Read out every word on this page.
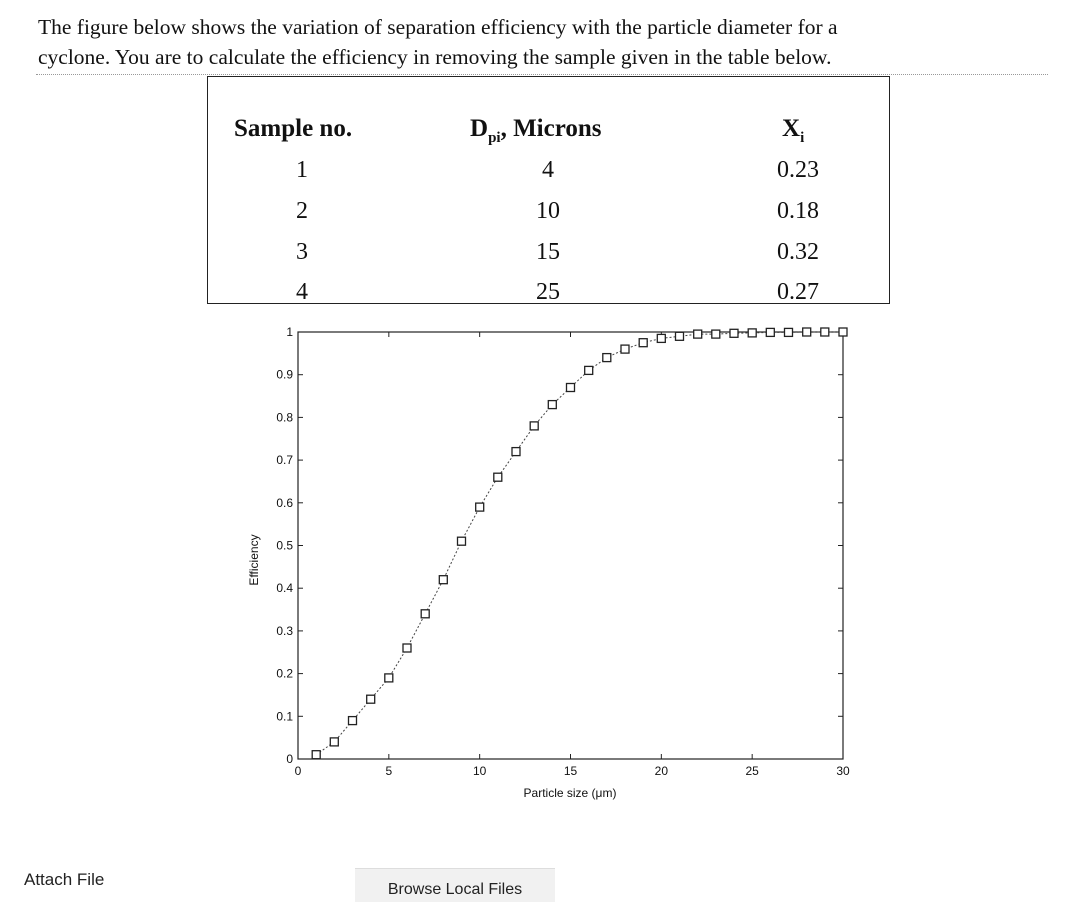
The figure below shows the variation of separation efficiency with the particle diameter for a

cyclone. You are to calculate the efficiency in removing the sample given in the table below.

Sample no.	$D_{pi}$, Microns	$X_i$
1	4	0.23
2	10	0.18
3	15	0.32
4	25	0.27
0	5	10	15	20	25	30
0
0.1
0.2
0.3
0.4
0.5
0.6
0.7
0.8
0.9
1
Particle size (μm)
Efficiency
Attach File
Browse Local Files
